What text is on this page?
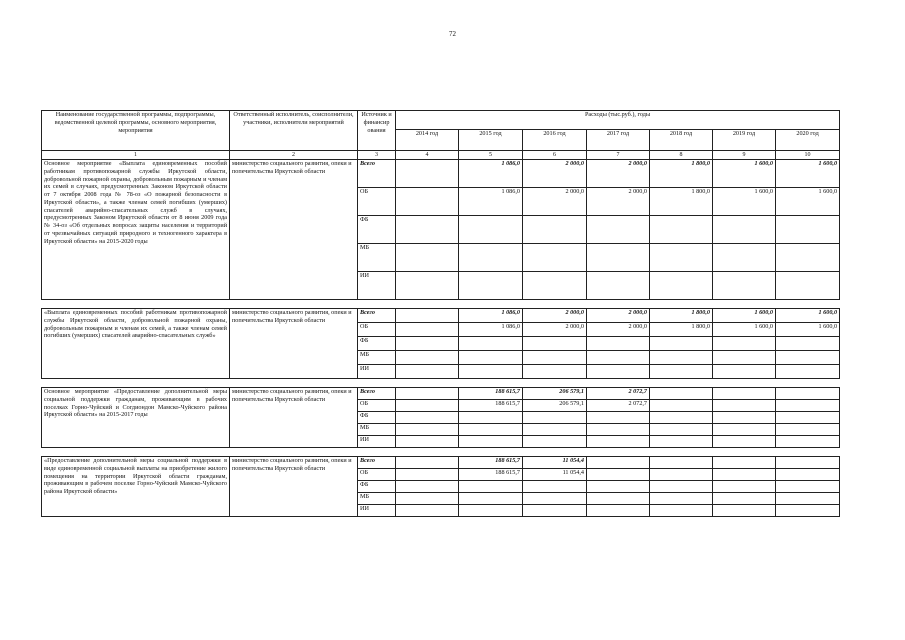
72
Наименование государственной программы, подпрограммы, ведомственной целевой программы, основного мероприятия, мероприятия	Ответственный исполнитель, соисполнители, участники, исполнители мероприятий	Источник и финансир ования	Расходы (тыс.руб.), годы						
			2014 год	2015 год	2016 год	2017 год	2018 год	2019 год	2020 год
1	2	3	4	5	6	7	8	9	10
Основное мероприятие «Выплата единовременных пособий работникам противопожарной службы Иркутской области, добровольной пожарной охраны, добровольным пожарным и членам их семей в случаях, предусмотренных Законом Иркутской области от 7 октября 2008 года № 78-оз «О пожарной безопасности в Иркутской области», а также членам семей погибших (умерших) спасателей аварийно-спасательных служб в случаях, предусмотренных Законом Иркутской области от 8 июня 2009 года № 34-оз «Об отдельных вопросах защиты населения и территорий от чрезвычайных ситуаций природного и техногенного характера в Иркутской области» на 2015-2020 годы	министерство социального развития, опеки и попечительства Иркутской области	Всего		1 086,0	2 000,0	2 000,0	1 800,0	1 600,0	1 600,0
		ОБ		1 086,0	2 000,0	2 000,0	1 800,0	1 600,0	1 600,0
		ФБ							
		МБ							
		ИИ							

«Выплата единовременных пособий работникам противопожарной службы Иркутской области, добровольной пожарной охраны, добровольным пожарным и членам их семей, а также членам семей погибших (умерших) спасателей аварийно-спасательных служб»	министерство социального развития, опеки и попечительства Иркутской области	Всего		1 086,0	2 000,0	2 000,0	1 800,0	1 600,0	1 600,0
		ОБ		1 086,0	2 000,0	2 000,0	1 800,0	1 600,0	1 600,0
		ФБ							
		МБ							
		ИИ							

Основное мероприятие «Предоставление дополнительной меры социальной поддержки гражданам, проживающим в рабочих поселках Горно-Чуйский и Согдиондон Мамско-Чуйского района Иркутской области» на 2015-2017 годы	министерство социального развития, опеки и попечительства Иркутской области	Всего		188 615,7	206 579,1	2 072,7			
		ОБ		188 615,7	206 579,1	2 072,7			
		ФБ							
		МБ							
		ИИ							

«Предоставление дополнительной меры социальной поддержки в виде единовременной социальной выплаты на приобретение жилого помещения на территории Иркутской области гражданам, проживающим в рабочем поселке Горно-Чуйский Мамско-Чуйского района Иркутской области»	министерство социального развития, опеки и попечительства Иркутской области	Всего		188 615,7	11 054,4				
		ОБ		188 615,7	11 054,4				
		ФБ							
		МБ							
		ИИ							
